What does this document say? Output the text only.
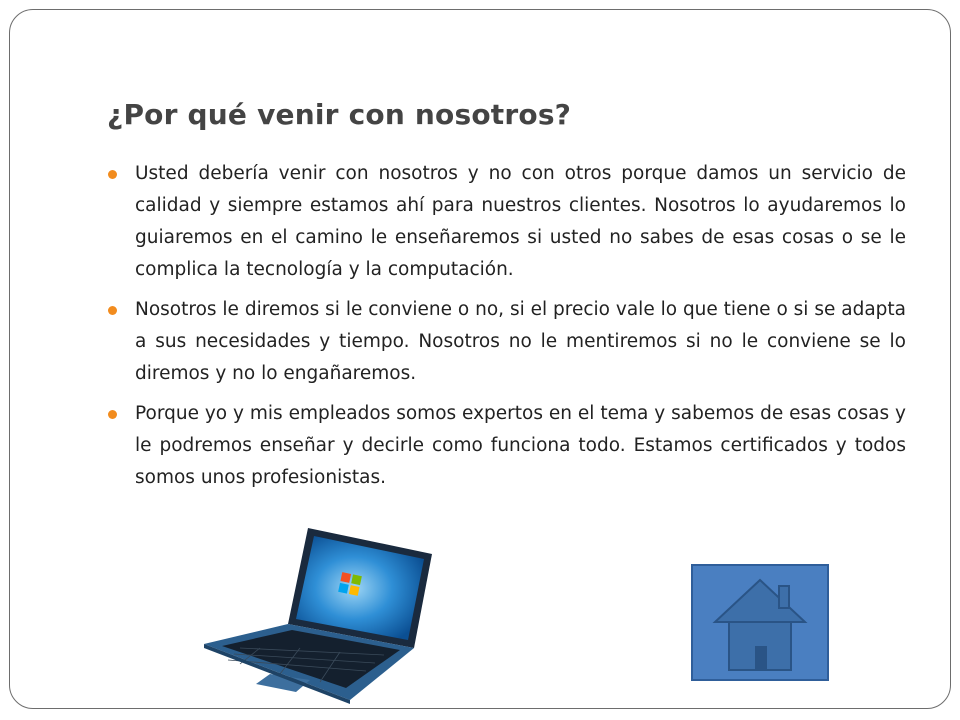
¿Por qué venir con nosotros?
Usted debería venir con nosotros y no con otros porque damos un servicio de calidad y siempre estamos ahí para nuestros clientes. Nosotros lo ayudaremos lo guiaremos en el camino le enseñaremos si usted no sabes de esas cosas o se le complica la tecnología y la computación.
Nosotros le diremos si le conviene o no, si el precio vale lo que tiene o si se adapta a sus necesidades y tiempo. Nosotros no le mentiremos si no le conviene se lo diremos y no lo engañaremos.
Porque yo y mis empleados somos expertos en el tema y sabemos de esas cosas y le podremos enseñar y decirle como funciona todo. Estamos certificados y todos somos unos profesionistas.
